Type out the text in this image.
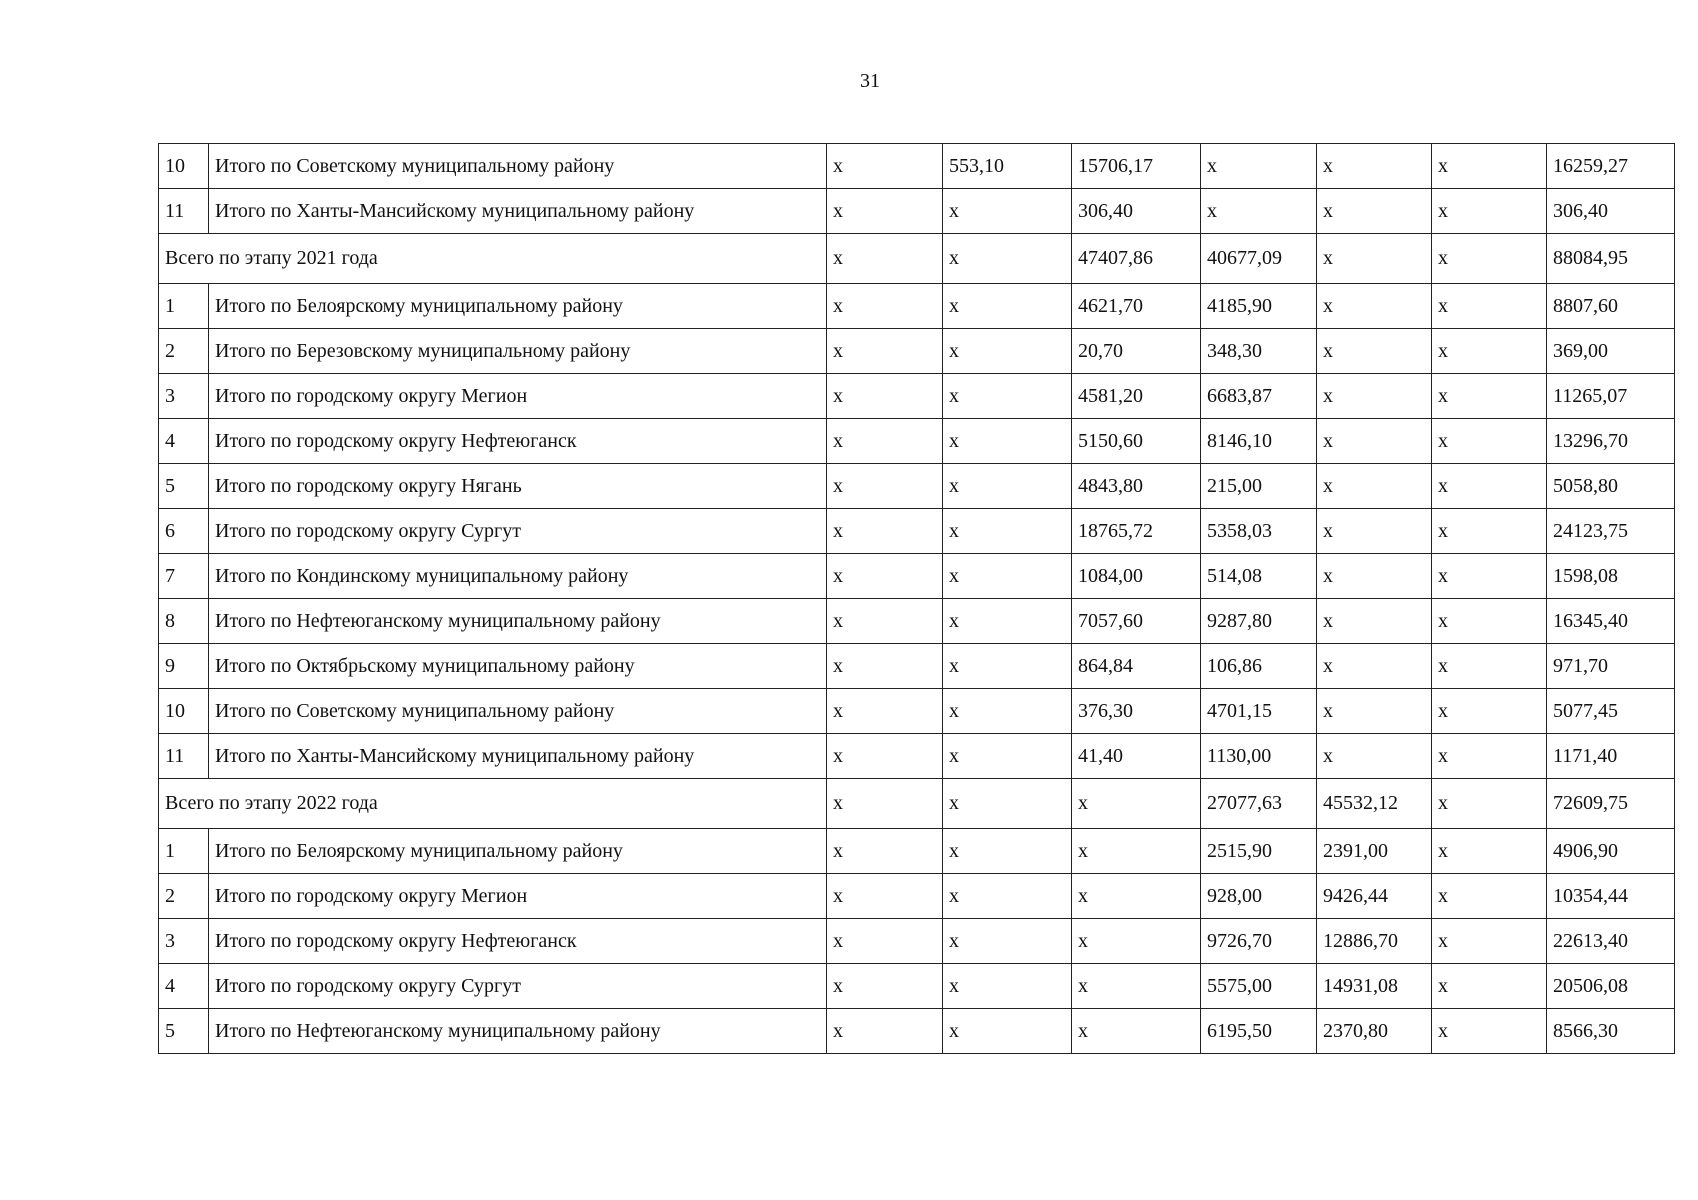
31
10	Итого по Советскому муниципальному району	x	553,10	15706,17	x	x	x	16259,27
11	Итого по Ханты-Мансийскому муниципальному району	x	x	306,40	x	x	x	306,40
Всего по этапу 2021 года		x	x	47407,86	40677,09	x	x	88084,95
1	Итого по Белоярскому муниципальному району	x	x	4621,70	4185,90	x	x	8807,60
2	Итого по Березовскому муниципальному району	x	x	20,70	348,30	x	x	369,00
3	Итого по городскому округу Мегион	x	x	4581,20	6683,87	x	x	11265,07
4	Итого по городскому округу Нефтеюганск	x	x	5150,60	8146,10	x	x	13296,70
5	Итого по городскому округу Нягань	x	x	4843,80	215,00	x	x	5058,80
6	Итого по городскому округу Сургут	x	x	18765,72	5358,03	x	x	24123,75
7	Итого по Кондинскому муниципальному району	x	x	1084,00	514,08	x	x	1598,08
8	Итого по Нефтеюганскому муниципальному району	x	x	7057,60	9287,80	x	x	16345,40
9	Итого по Октябрьскому муниципальному району	x	x	864,84	106,86	x	x	971,70
10	Итого по Советскому муниципальному району	x	x	376,30	4701,15	x	x	5077,45
11	Итого по Ханты-Мансийскому муниципальному району	x	x	41,40	1130,00	x	x	1171,40
Всего по этапу 2022 года		x	x	x	27077,63	45532,12	x	72609,75
1	Итого по Белоярскому муниципальному району	x	x	x	2515,90	2391,00	x	4906,90
2	Итого по городскому округу Мегион	x	x	x	928,00	9426,44	x	10354,44
3	Итого по городскому округу Нефтеюганск	x	x	x	9726,70	12886,70	x	22613,40
4	Итого по городскому округу Сургут	x	x	x	5575,00	14931,08	x	20506,08
5	Итого по Нефтеюганскому муниципальному району	x	x	x	6195,50	2370,80	x	8566,30
